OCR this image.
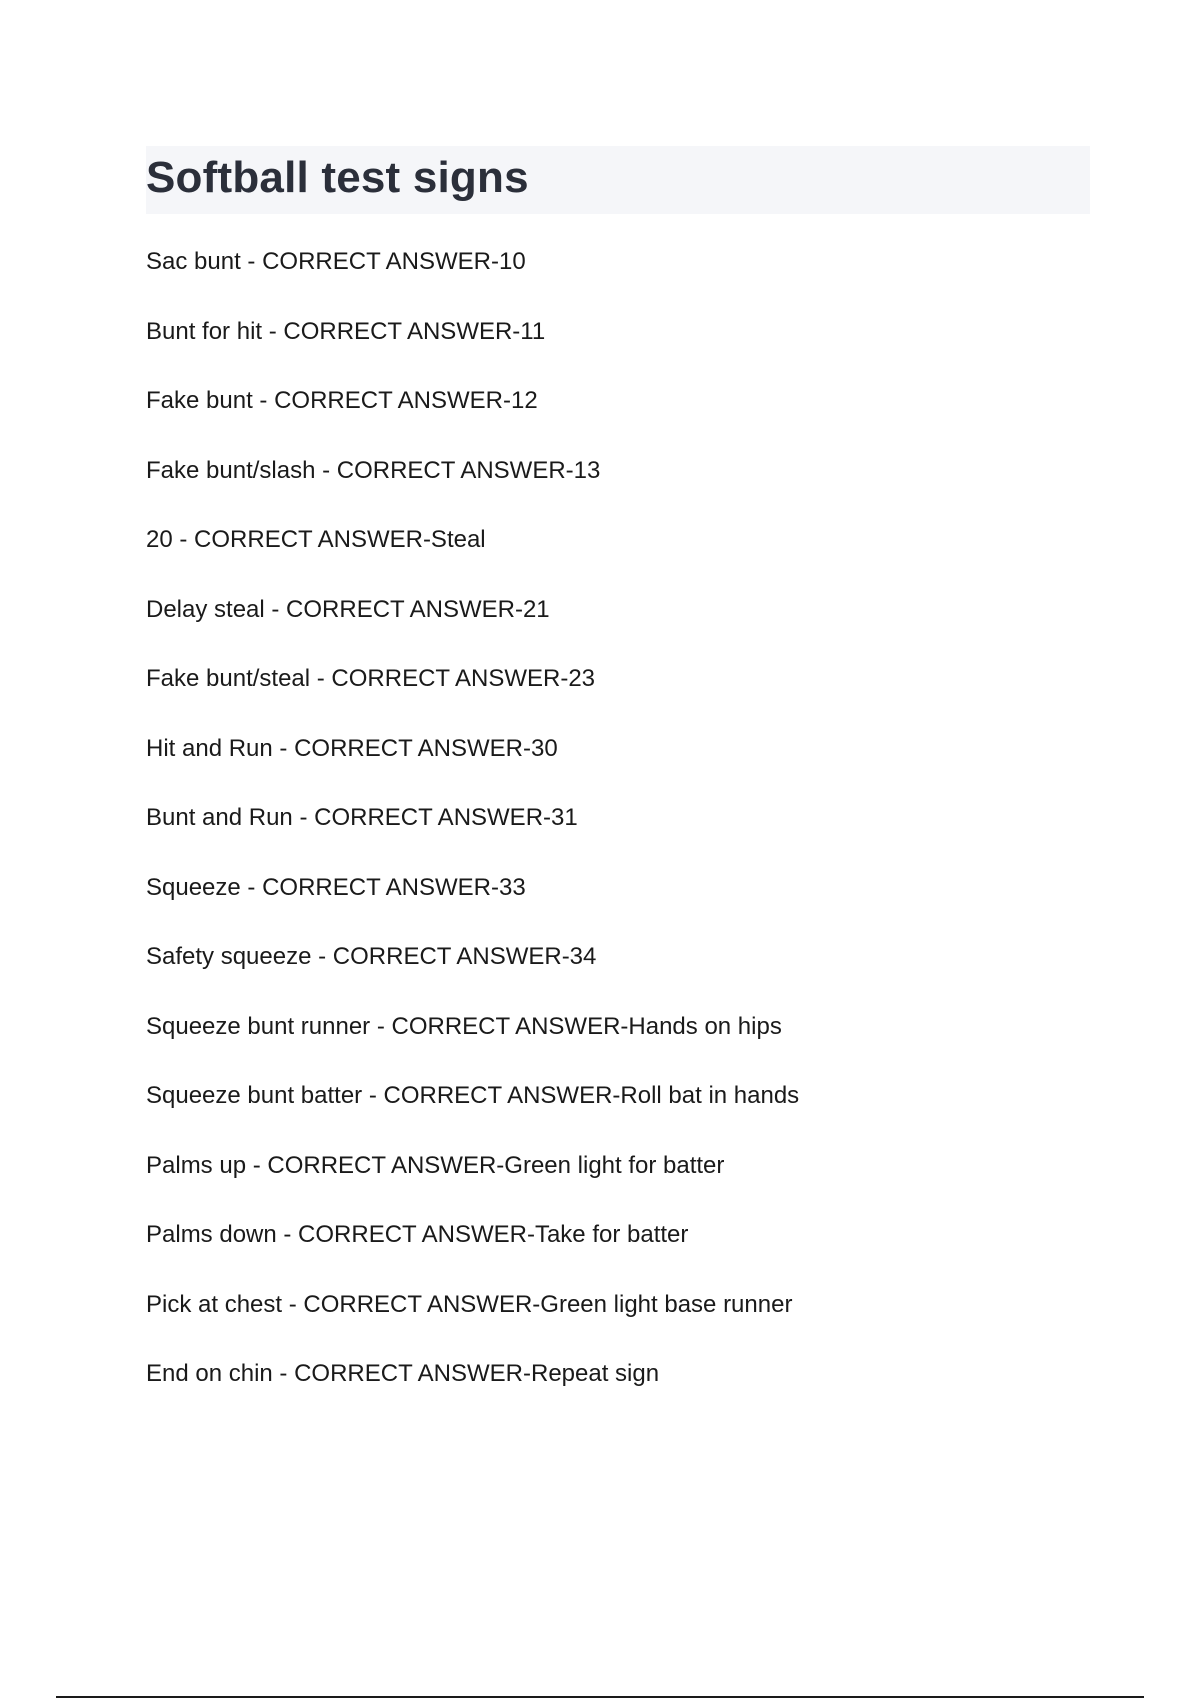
Softball test signs
Sac bunt - CORRECT ANSWER-10
Bunt for hit - CORRECT ANSWER-11
Fake bunt - CORRECT ANSWER-12
Fake bunt/slash - CORRECT ANSWER-13
20 - CORRECT ANSWER-Steal
Delay steal - CORRECT ANSWER-21
Fake bunt/steal - CORRECT ANSWER-23
Hit and Run - CORRECT ANSWER-30
Bunt and Run - CORRECT ANSWER-31
Squeeze - CORRECT ANSWER-33
Safety squeeze - CORRECT ANSWER-34
Squeeze bunt runner - CORRECT ANSWER-Hands on hips
Squeeze bunt batter - CORRECT ANSWER-Roll bat in hands
Palms up - CORRECT ANSWER-Green light for batter
Palms down - CORRECT ANSWER-Take for batter
Pick at chest - CORRECT ANSWER-Green light base runner
End on chin - CORRECT ANSWER-Repeat sign
